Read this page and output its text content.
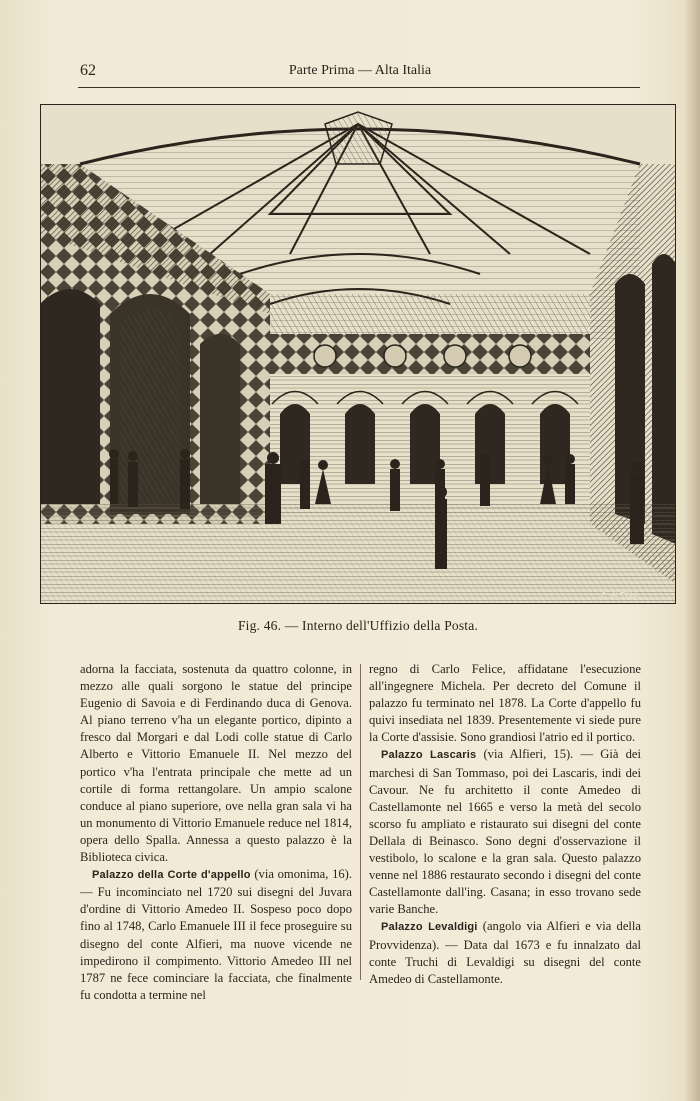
62	Parte Prima — Alta Italia
C. ALTINA
Fig. 46. — Interno dell'Uffizio della Posta.

adorna la facciata, sostenuta da quattro colonne, in mezzo alle quali sorgono le statue del principe Eugenio di Savoia e di Ferdinando duca di Genova. Al piano terreno v'ha un elegante portico, dipinto a fresco dal Morgari e dal Lodi colle statue di Carlo Alberto e Vittorio Emanuele II. Nel mezzo del portico v'ha l'entrata principale che mette ad un cortile di forma rettangolare. Un ampio scalone conduce al piano superiore, ove nella gran sala vi ha un monumento di Vittorio Emanuele reduce nel 1814, opera dello Spalla. Annessa a questo palazzo è la Biblioteca civica.

Palazzo della Corte d'appello (via omonima, 16). — Fu incominciato nel 1720 sui disegni del Juvara d'ordine di Vittorio Amedeo II. Sospeso poco dopo fino al 1748, Carlo Emanuele III il fece proseguire su disegno del conte Alfieri, ma nuove vicende ne impedirono il compimento. Vittorio Amedeo III nel 1787 ne fece cominciare la facciata, che finalmente fu condotta a termine nel

regno di Carlo Felice, affidatane l'esecuzione all'ingegnere Michela. Per decreto del Comune il palazzo fu terminato nel 1878. La Corte d'appello fu quivi insediata nel 1839. Presentemente vi siede pure la Corte d'assisie. Sono grandiosi l'atrio ed il portico.

Palazzo Lascaris (via Alfieri, 15). — Già dei marchesi di San Tommaso, poi dei Lascaris, indi dei Cavour. Ne fu architetto il conte Amedeo di Castellamonte nel 1665 e verso la metà del secolo scorso fu ampliato e ristaurato sui disegni del conte Dellala di Beinasco. Sono degni d'osservazione il vestibolo, lo scalone e la gran sala. Questo palazzo venne nel 1886 restaurato secondo i disegni del conte Castellamonte dall'ing. Casana; in esso trovano sede varie Banche.

Palazzo Levaldigi (angolo via Alfieri e via della Provvidenza). — Data dal 1673 e fu innalzato dal conte Truchi di Levaldigi su disegni del conte Amedeo di Castellamonte.
